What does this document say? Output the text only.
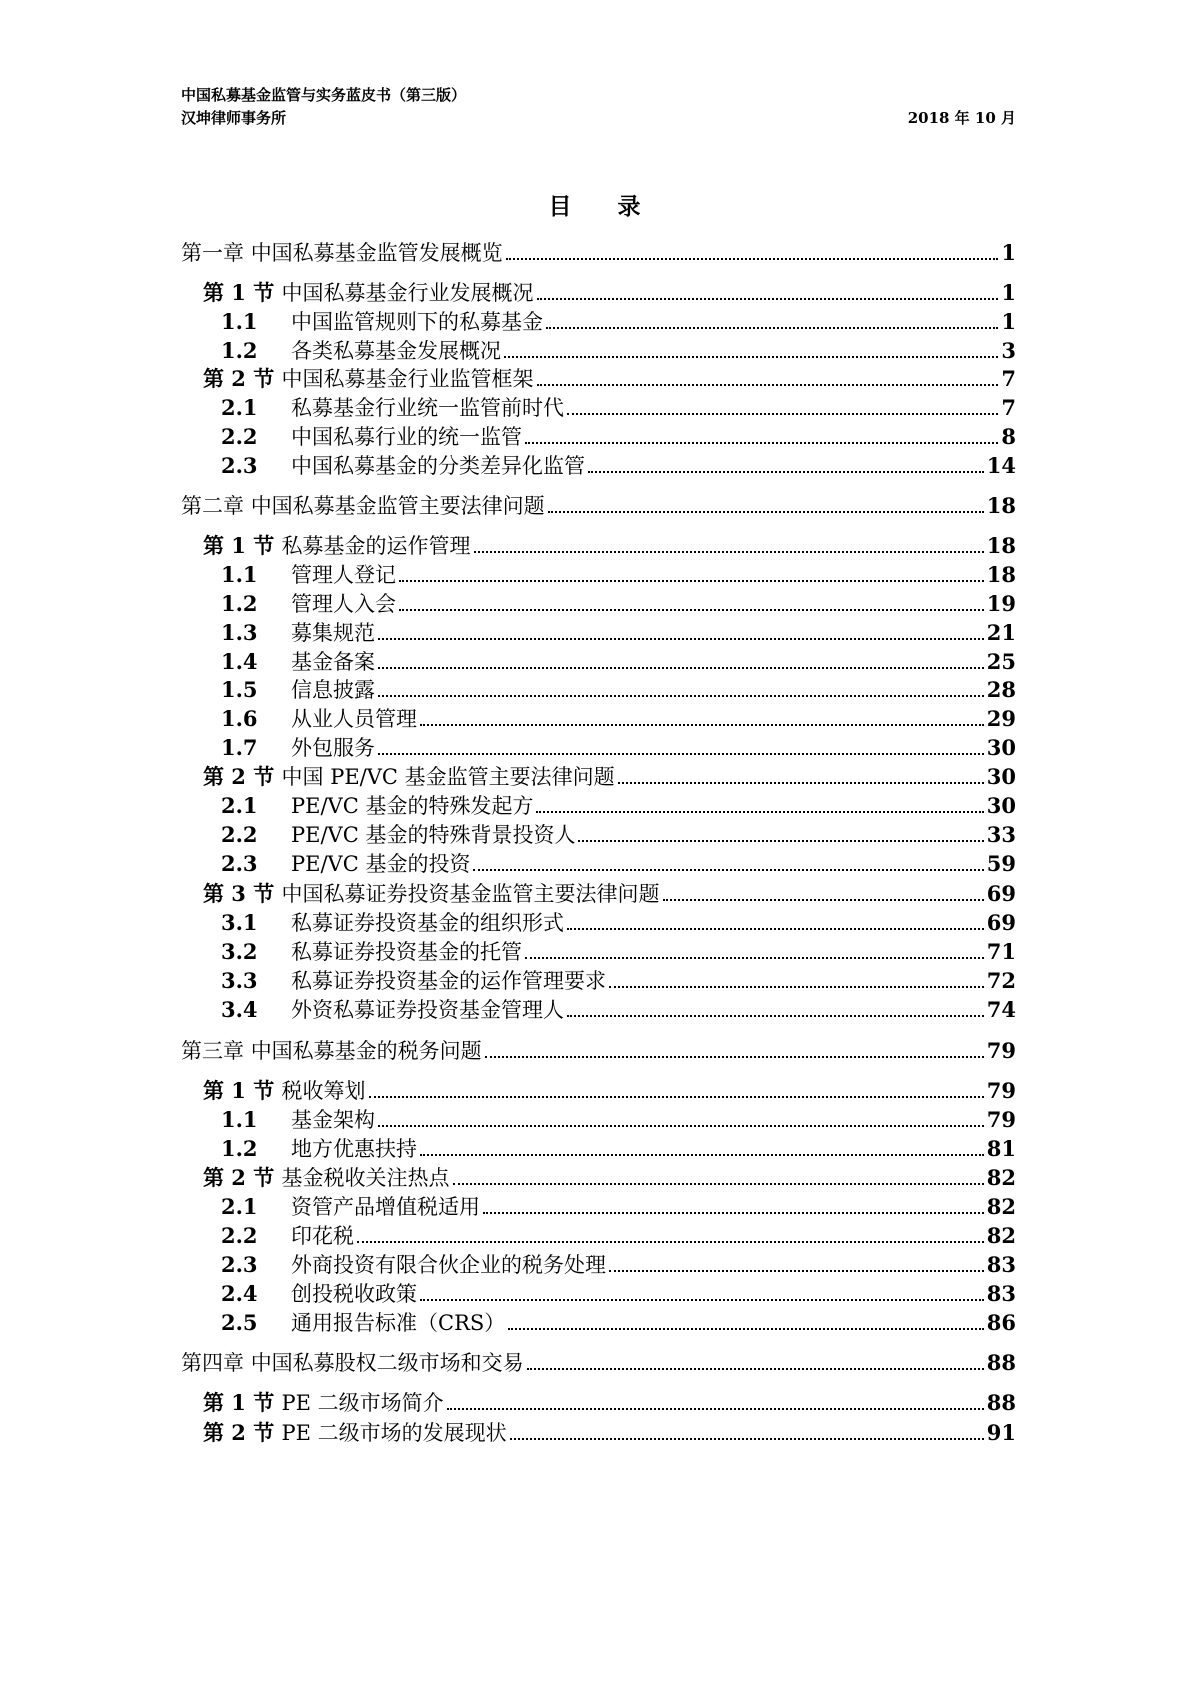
中国私募基金监管与实务蓝皮书（第三版）
汉坤律师事务所	2018 年 10 月
目 录
第一章 中国私募基金监管发展概览	1
第 1 节 中国私募基金行业发展概况	1
1.1	中国监管规则下的私募基金	1
1.2	各类私募基金发展概况	3
第 2 节 中国私募基金行业监管框架	7
2.1	私募基金行业统一监管前时代	7
2.2	中国私募行业的统一监管	8
2.3	中国私募基金的分类差异化监管	14
第二章 中国私募基金监管主要法律问题	18
第 1 节 私募基金的运作管理	18
1.1	管理人登记	18
1.2	管理人入会	19
1.3	募集规范	21
1.4	基金备案	25
1.5	信息披露	28
1.6	从业人员管理	29
1.7	外包服务	30
第 2 节 中国 PE/VC 基金监管主要法律问题	30
2.1	PE/VC 基金的特殊发起方	30
2.2	PE/VC 基金的特殊背景投资人	33
2.3	PE/VC 基金的投资	59
第 3 节 中国私募证券投资基金监管主要法律问题	69
3.1	私募证券投资基金的组织形式	69
3.2	私募证券投资基金的托管	71
3.3	私募证券投资基金的运作管理要求	72
3.4	外资私募证券投资基金管理人	74
第三章 中国私募基金的税务问题	79
第 1 节 税收筹划	79
1.1	基金架构	79
1.2	地方优惠扶持	81
第 2 节 基金税收关注热点	82
2.1	资管产品增值税适用	82
2.2	印花税	82
2.3	外商投资有限合伙企业的税务处理	83
2.4	创投税收政策	83
2.5	通用报告标准（CRS）	86
第四章 中国私募股权二级市场和交易	88
第 1 节 PE 二级市场简介	88
第 2 节 PE 二级市场的发展现状	91
